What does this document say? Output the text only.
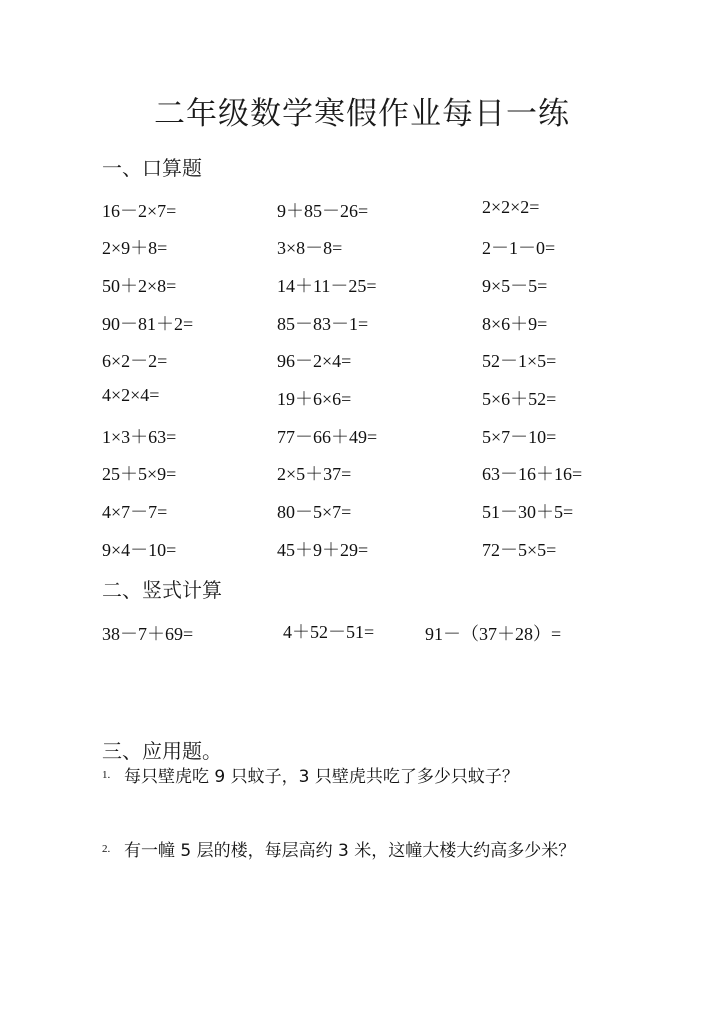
二年级数学寒假作业每日一练
一、口算题
16－2×7=	9＋85－26=	2×2×2=
2×9＋8=	3×8－8=	2－1－0=
50＋2×8=	14＋11－25=	9×5－5=
90－81＋2=	85－83－1=	8×6＋9=
6×2－2=	96－2×4=	52－1×5=
4×2×4=	19＋6×6=	5×6＋52=
1×3＋63=	77－66＋49=	5×7－10=
25＋5×9=	2×5＋37=	63－16＋16=
4×7－7=	80－5×7=	51－30＋5=
9×4－10=	45＋9＋29=	72－5×5=
二、竖式计算
38－7＋69=	4＋52－51=	91－（37＋28）=
三、应用题。
1. 每只壁虎吃 9 只蚊子，3 只壁虎共吃了多少只蚊子？
2. 有一幢 5 层的楼，每层高约 3 米，这幢大楼大约高多少米？
